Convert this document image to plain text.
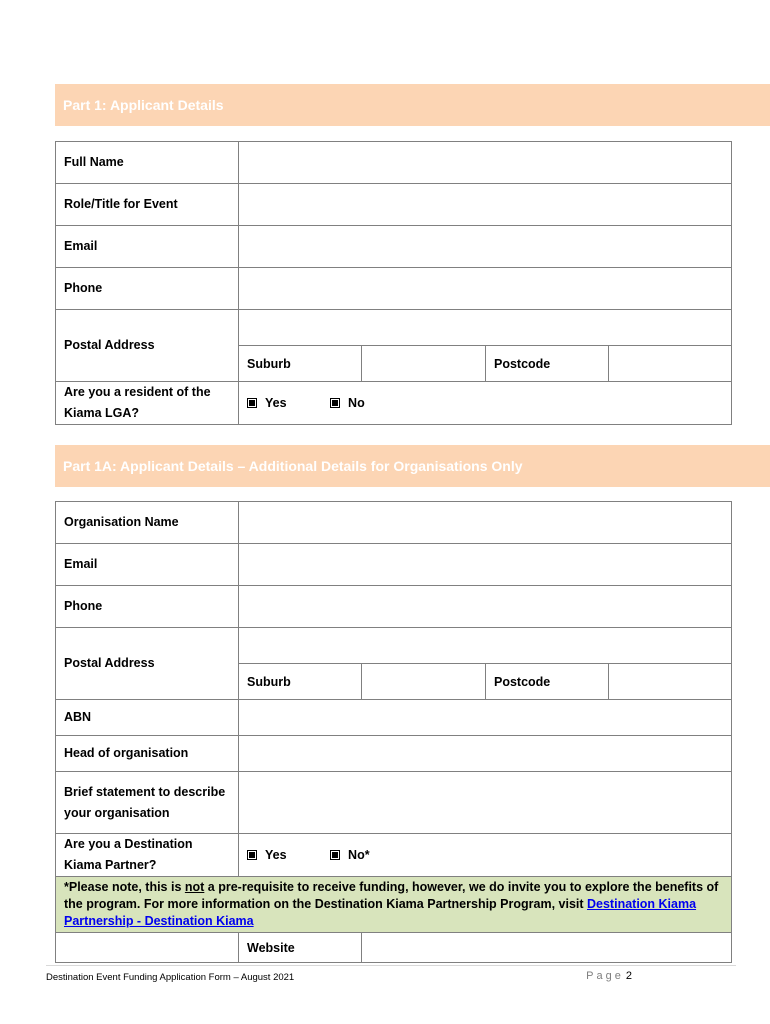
Part 1: Applicant Details
Full Name				
Role/Title for Event				
Email				
Phone				
Postal Address				
	Suburb		Postcode	
Are you a resident of the Kiama LGA?	Yes No			
Part 1A: Applicant Details – Additional Details for Organisations Only
Organisation Name				
Email				
Phone				
Postal Address				
	Suburb		Postcode	
ABN				
Head of organisation				
Brief statement to describe your organisation				
Are you a Destination Kiama Partner?	Yes No*			
*Please note, this is not a pre-requisite to receive funding, however, we do invite you to explore the benefits of the program. For more information on the Destination Kiama Partnership Program, visit Destination Kiama Partnership - Destination Kiama				
	Website			
Destination Event Funding Application Form – August 2021	Page 2
